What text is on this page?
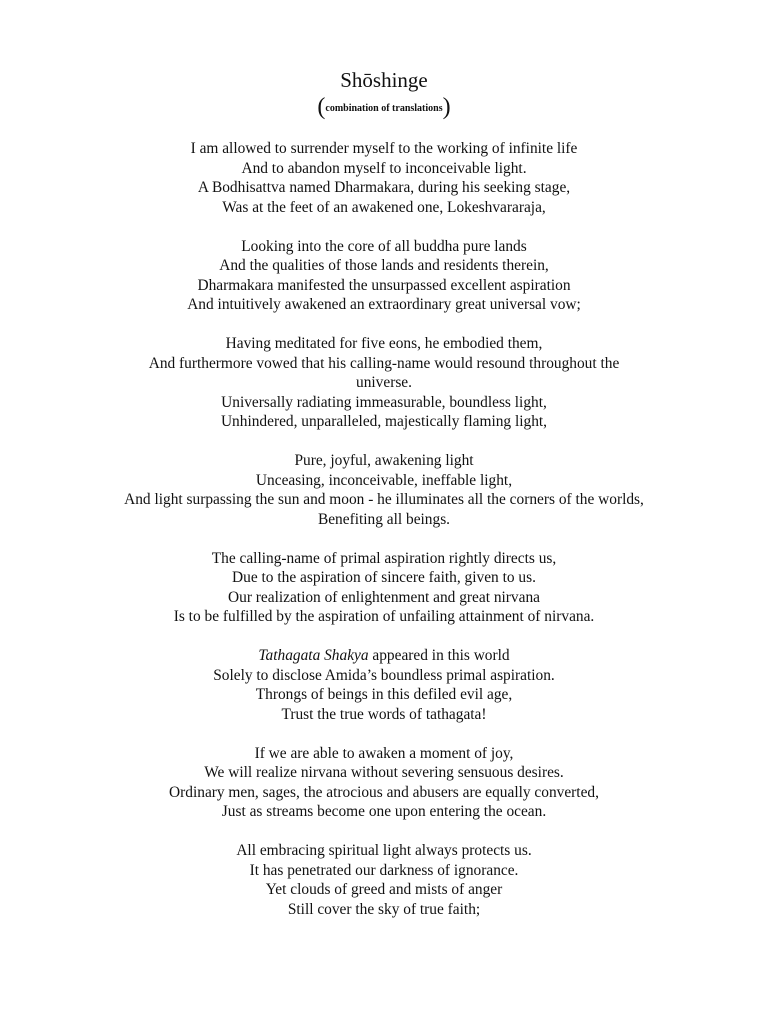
Shōshinge
(combination of translations)
I am allowed to surrender myself to the working of infinite life
And to abandon myself to inconceivable light.
A Bodhisattva named Dharmakara, during his seeking stage,
Was at the feet of an awakened one, Lokeshvararaja,
Looking into the core of all buddha pure lands
And the qualities of those lands and residents therein,
Dharmakara manifested the unsurpassed excellent aspiration
And intuitively awakened an extraordinary great universal vow;
Having meditated for five eons, he embodied them,
And furthermore vowed that his calling-name would resound throughout the
universe.
Universally radiating immeasurable, boundless light,
Unhindered, unparalleled, majestically flaming light,
Pure, joyful, awakening light
Unceasing, inconceivable, ineffable light,
And light surpassing the sun and moon - he illuminates all the corners of the worlds,
Benefiting all beings.
The calling-name of primal aspiration rightly directs us,
Due to the aspiration of sincere faith, given to us.
Our realization of enlightenment and great nirvana
Is to be fulfilled by the aspiration of unfailing attainment of nirvana.
Tathagata Shakya appeared in this world
Solely to disclose Amida’s boundless primal aspiration.
Throngs of beings in this defiled evil age,
Trust the true words of tathagata!
If we are able to awaken a moment of joy,
We will realize nirvana without severing sensuous desires.
Ordinary men, sages, the atrocious and abusers are equally converted,
Just as streams become one upon entering the ocean.
All embracing spiritual light always protects us.
It has penetrated our darkness of ignorance.
Yet clouds of greed and mists of anger
Still cover the sky of true faith;
